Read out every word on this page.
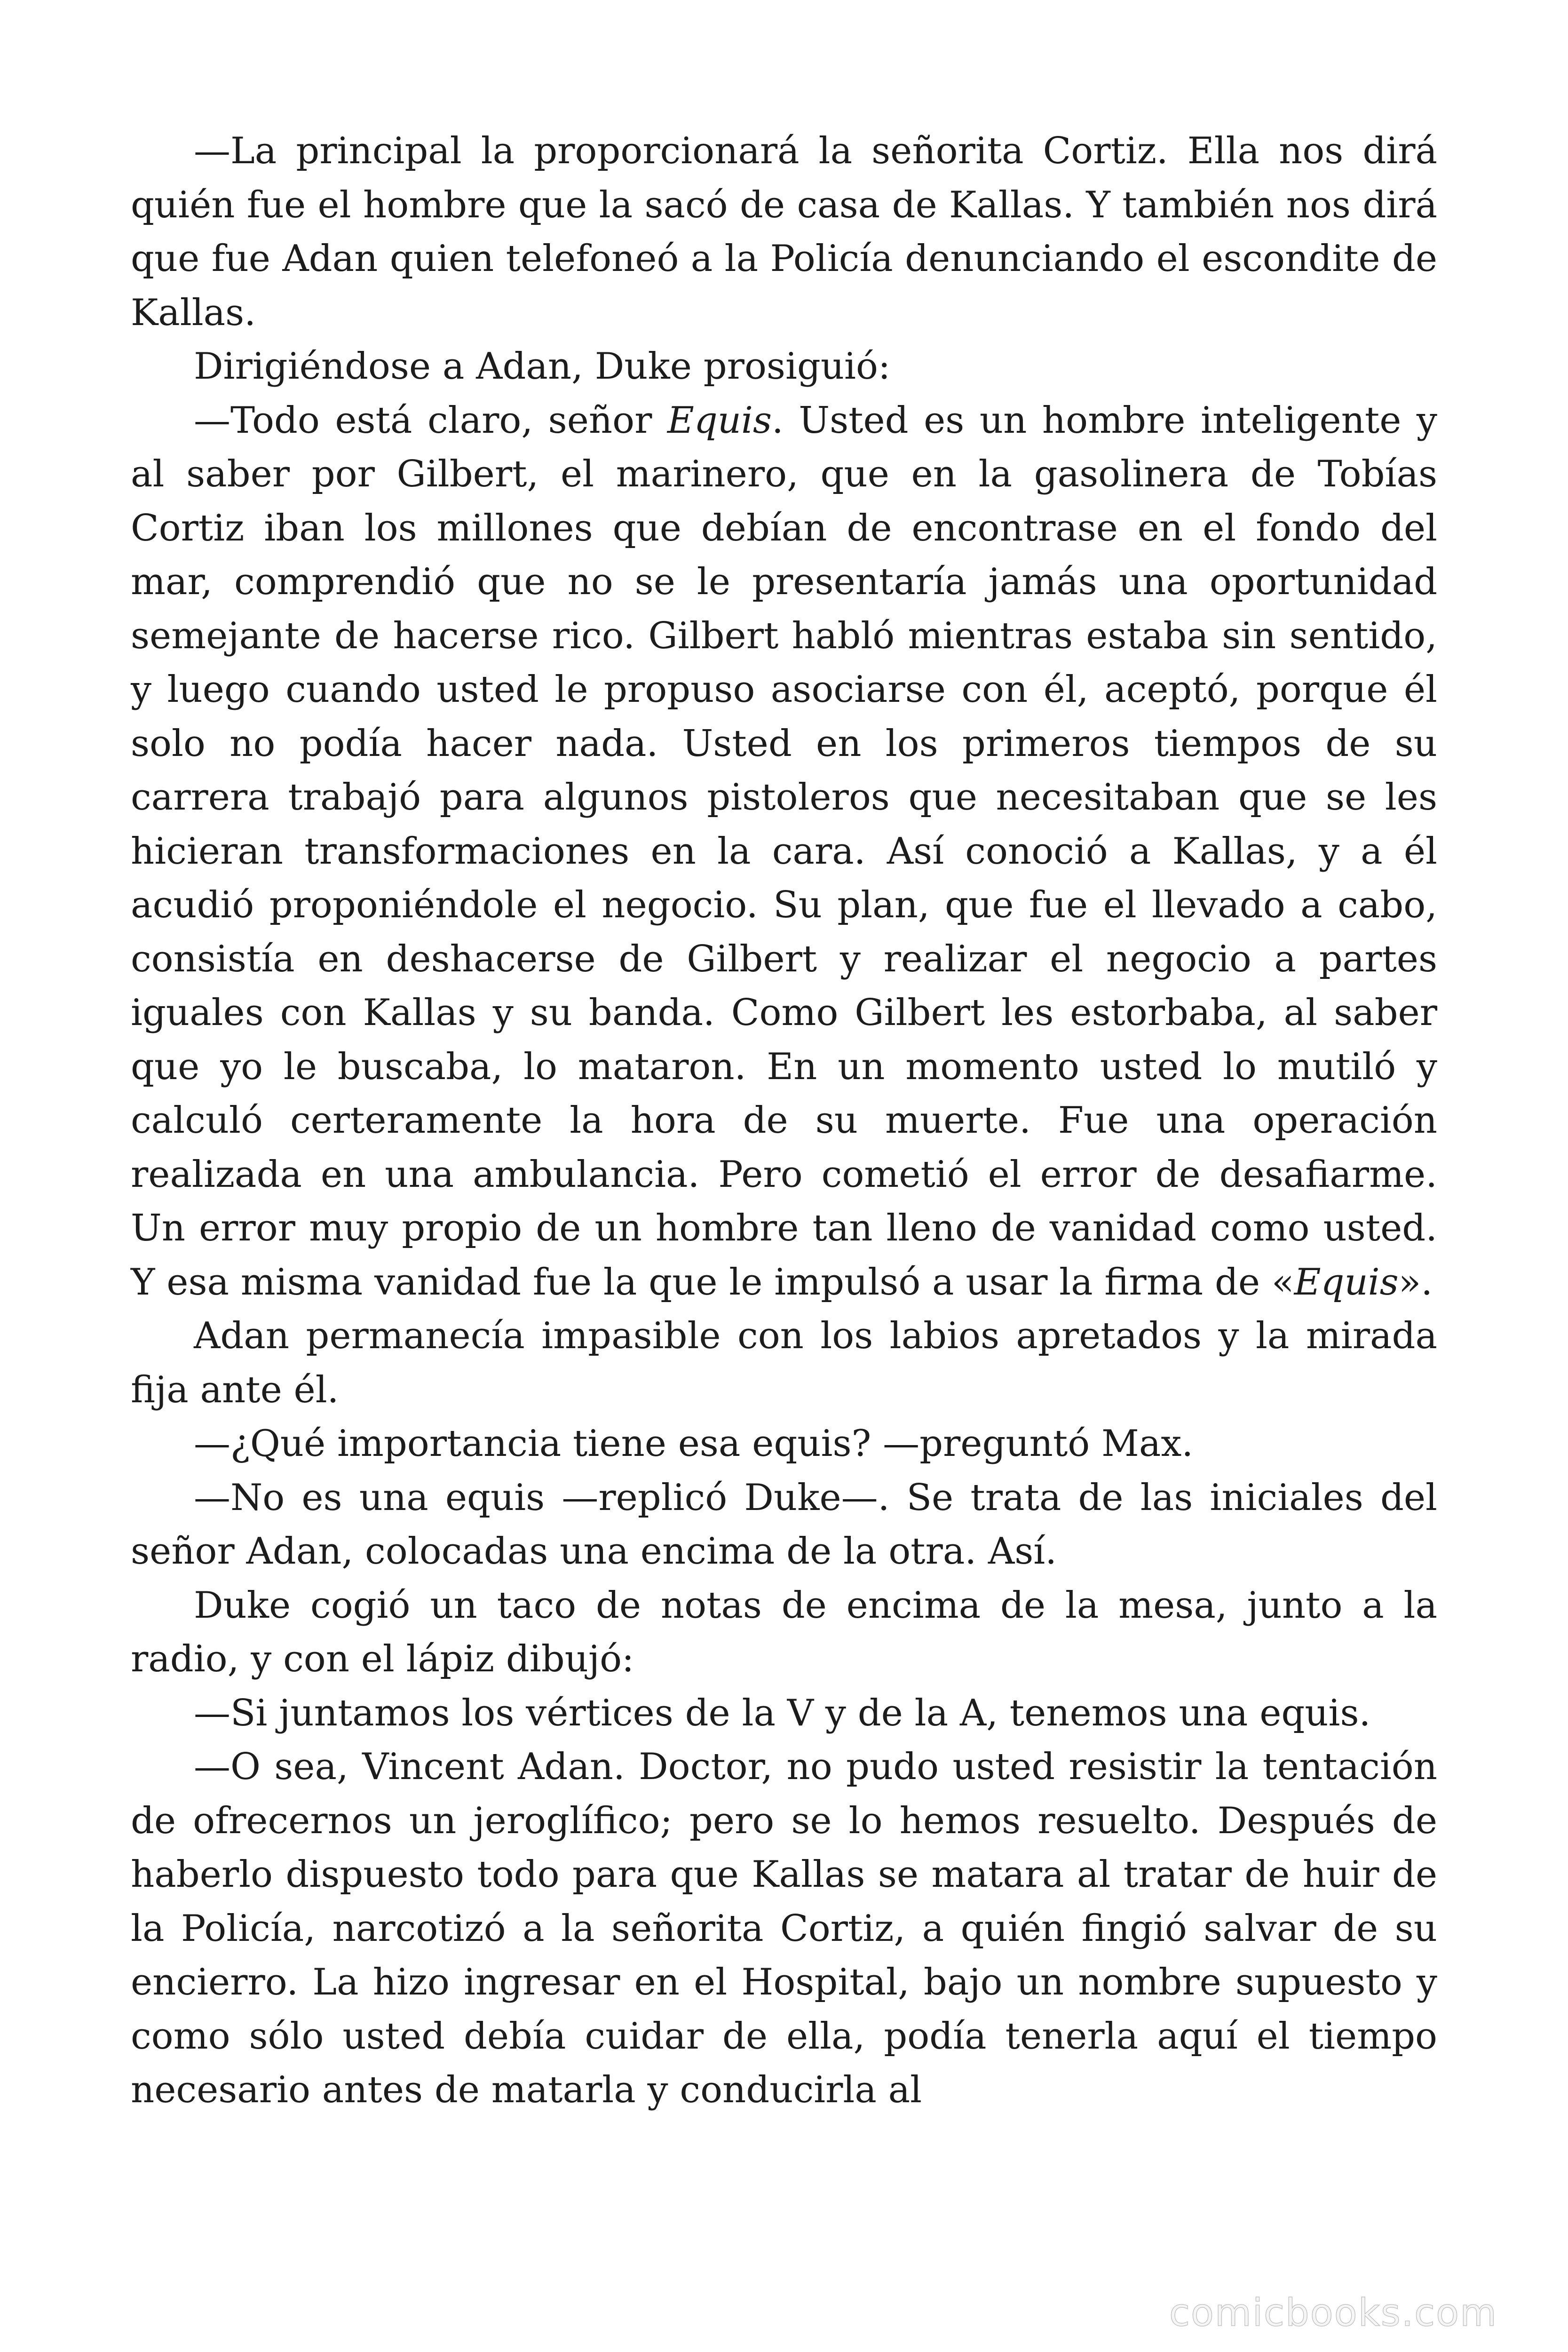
—La principal la proporcionará la señorita Cortiz. Ella nos dirá quién fue el hombre que la sacó de casa de Kallas. Y también nos dirá que fue Adan quien telefoneó a la Policía denunciando el escondite de Kallas.

Dirigiéndose a Adan, Duke prosiguió:

—Todo está claro, señor Equis. Usted es un hombre inteligente y al saber por Gilbert, el marinero, que en la gasolinera de Tobías Cortiz iban los millones que debían de encontrase en el fondo del mar, comprendió que no se le presentaría jamás una oportunidad semejante de hacerse rico. Gilbert habló mientras estaba sin sentido, y luego cuando usted le propuso asociarse con él, aceptó, porque él solo no podía hacer nada. Usted en los primeros tiempos de su carrera trabajó para algunos pistoleros que necesitaban que se les hicieran transformaciones en la cara. Así conoció a Kallas, y a él acudió proponiéndole el negocio. Su plan, que fue el llevado a cabo, consistía en deshacerse de Gilbert y realizar el negocio a partes iguales con Kallas y su banda. Como Gilbert les estorbaba, al saber que yo le buscaba, lo mataron. En un momento usted lo mutiló y calculó certeramente la hora de su muerte. Fue una operación realizada en una ambulancia. Pero cometió el error de desafiarme. Un error muy propio de un hombre tan lleno de vanidad como usted. Y esa misma vanidad fue la que le impulsó a usar la firma de «Equis».

Adan permanecía impasible con los labios apretados y la mirada fija ante él.

—¿Qué importancia tiene esa equis? —preguntó Max.

—No es una equis —replicó Duke—. Se trata de las iniciales del señor Adan, colocadas una encima de la otra. Así.

Duke cogió un taco de notas de encima de la mesa, junto a la radio, y con el lápiz dibujó:

—Si juntamos los vértices de la V y de la A, tenemos una equis.

—O sea, Vincent Adan. Doctor, no pudo usted resistir la tentación de ofrecernos un jeroglífico; pero se lo hemos resuelto. Después de haberlo dispuesto todo para que Kallas se matara al tratar de huir de la Policía, narcotizó a la señorita Cortiz, a quién fingió salvar de su encierro. La hizo ingresar en el Hospital, bajo un nombre supuesto y como sólo usted debía cuidar de ella, podía tenerla aquí el tiempo necesario antes de matarla y conducirla al

comicbooks.com
